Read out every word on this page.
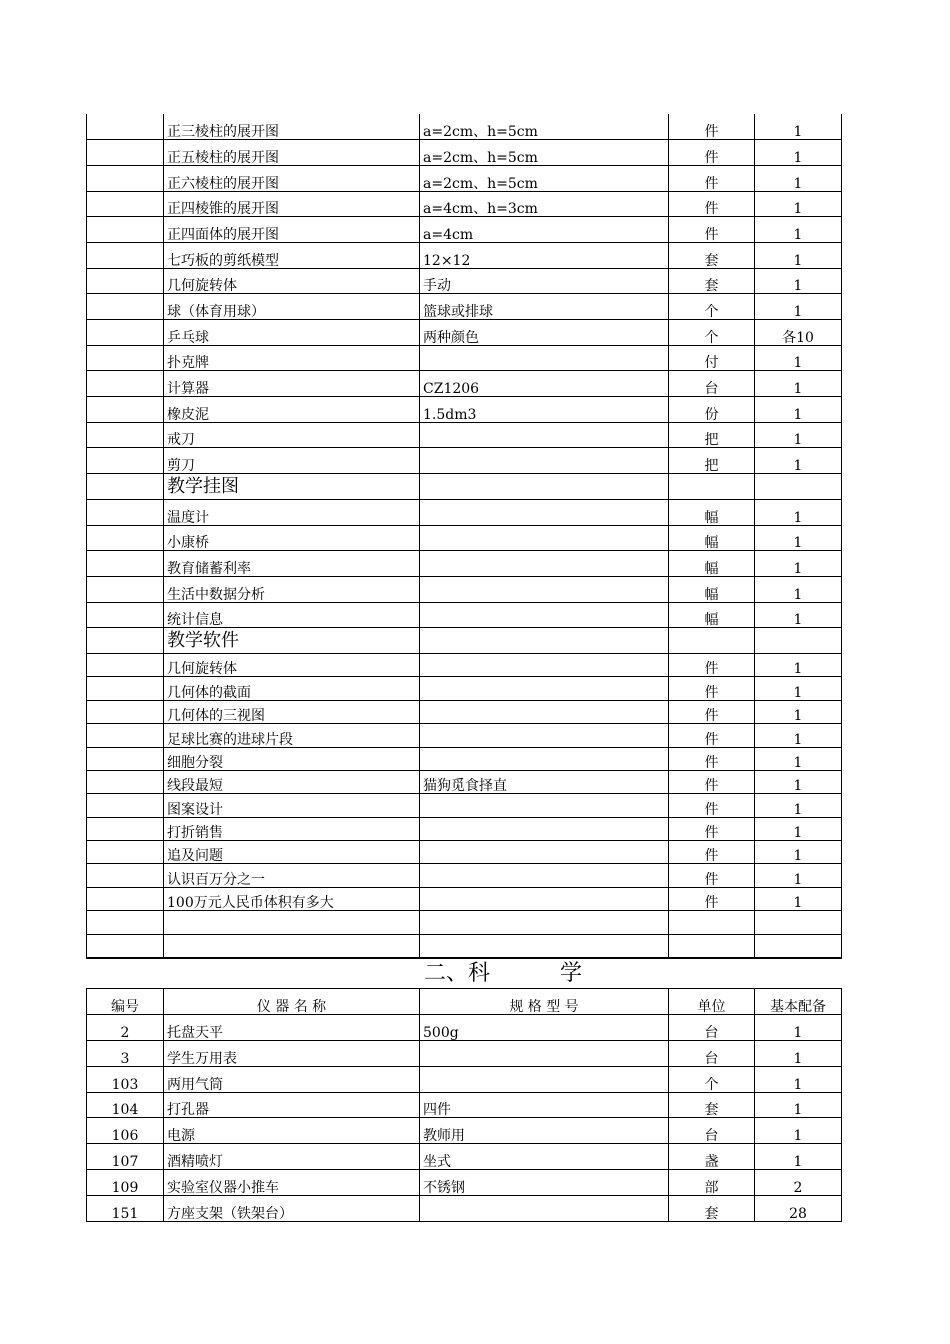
	正三棱柱的展开图	a=2cm、h=5cm	件	1
	正五棱柱的展开图	a=2cm、h=5cm	件	1
	正六棱柱的展开图	a=2cm、h=5cm	件	1
	正四棱锥的展开图	a=4cm、h=3cm	件	1
	正四面体的展开图	a=4cm	件	1
	七巧板的剪纸模型	12×12	套	1
	几何旋转体	手动	套	1
	球（体育用球）	篮球或排球	个	1
	乒乓球	两种颜色	个	各10
	扑克牌		付	1
	计算器	CZ1206	台	1
	橡皮泥	1.5dm3	份	1
	戒刀		把	1
	剪刀		把	1
	教学挂图			
	温度计		幅	1
	小康桥		幅	1
	教育储蓄利率		幅	1
	生活中数据分析		幅	1
	统计信息		幅	1
	教学软件			
	几何旋转体		件	1
	几何体的截面		件	1
	几何体的三视图		件	1
	足球比赛的进球片段		件	1
	细胞分裂		件	1
	线段最短	猫狗觅食择直	件	1
	图案设计		件	1
	打折销售		件	1
	追及问题		件	1
	认识百万分之一		件	1
	100万元人民币体积有多大		件	1

二、科	学
编号	仪 器 名 称	规 格 型 号	单位	基本配备
2	托盘天平	500g	台	1
3	学生万用表		台	1
103	两用气筒		个	1
104	打孔器	四件	套	1
106	电源	教师用	台	1
107	酒精喷灯	坐式	盏	1
109	实验室仪器小推车	不锈钢	部	2
151	方座支架（铁架台）		套	28
